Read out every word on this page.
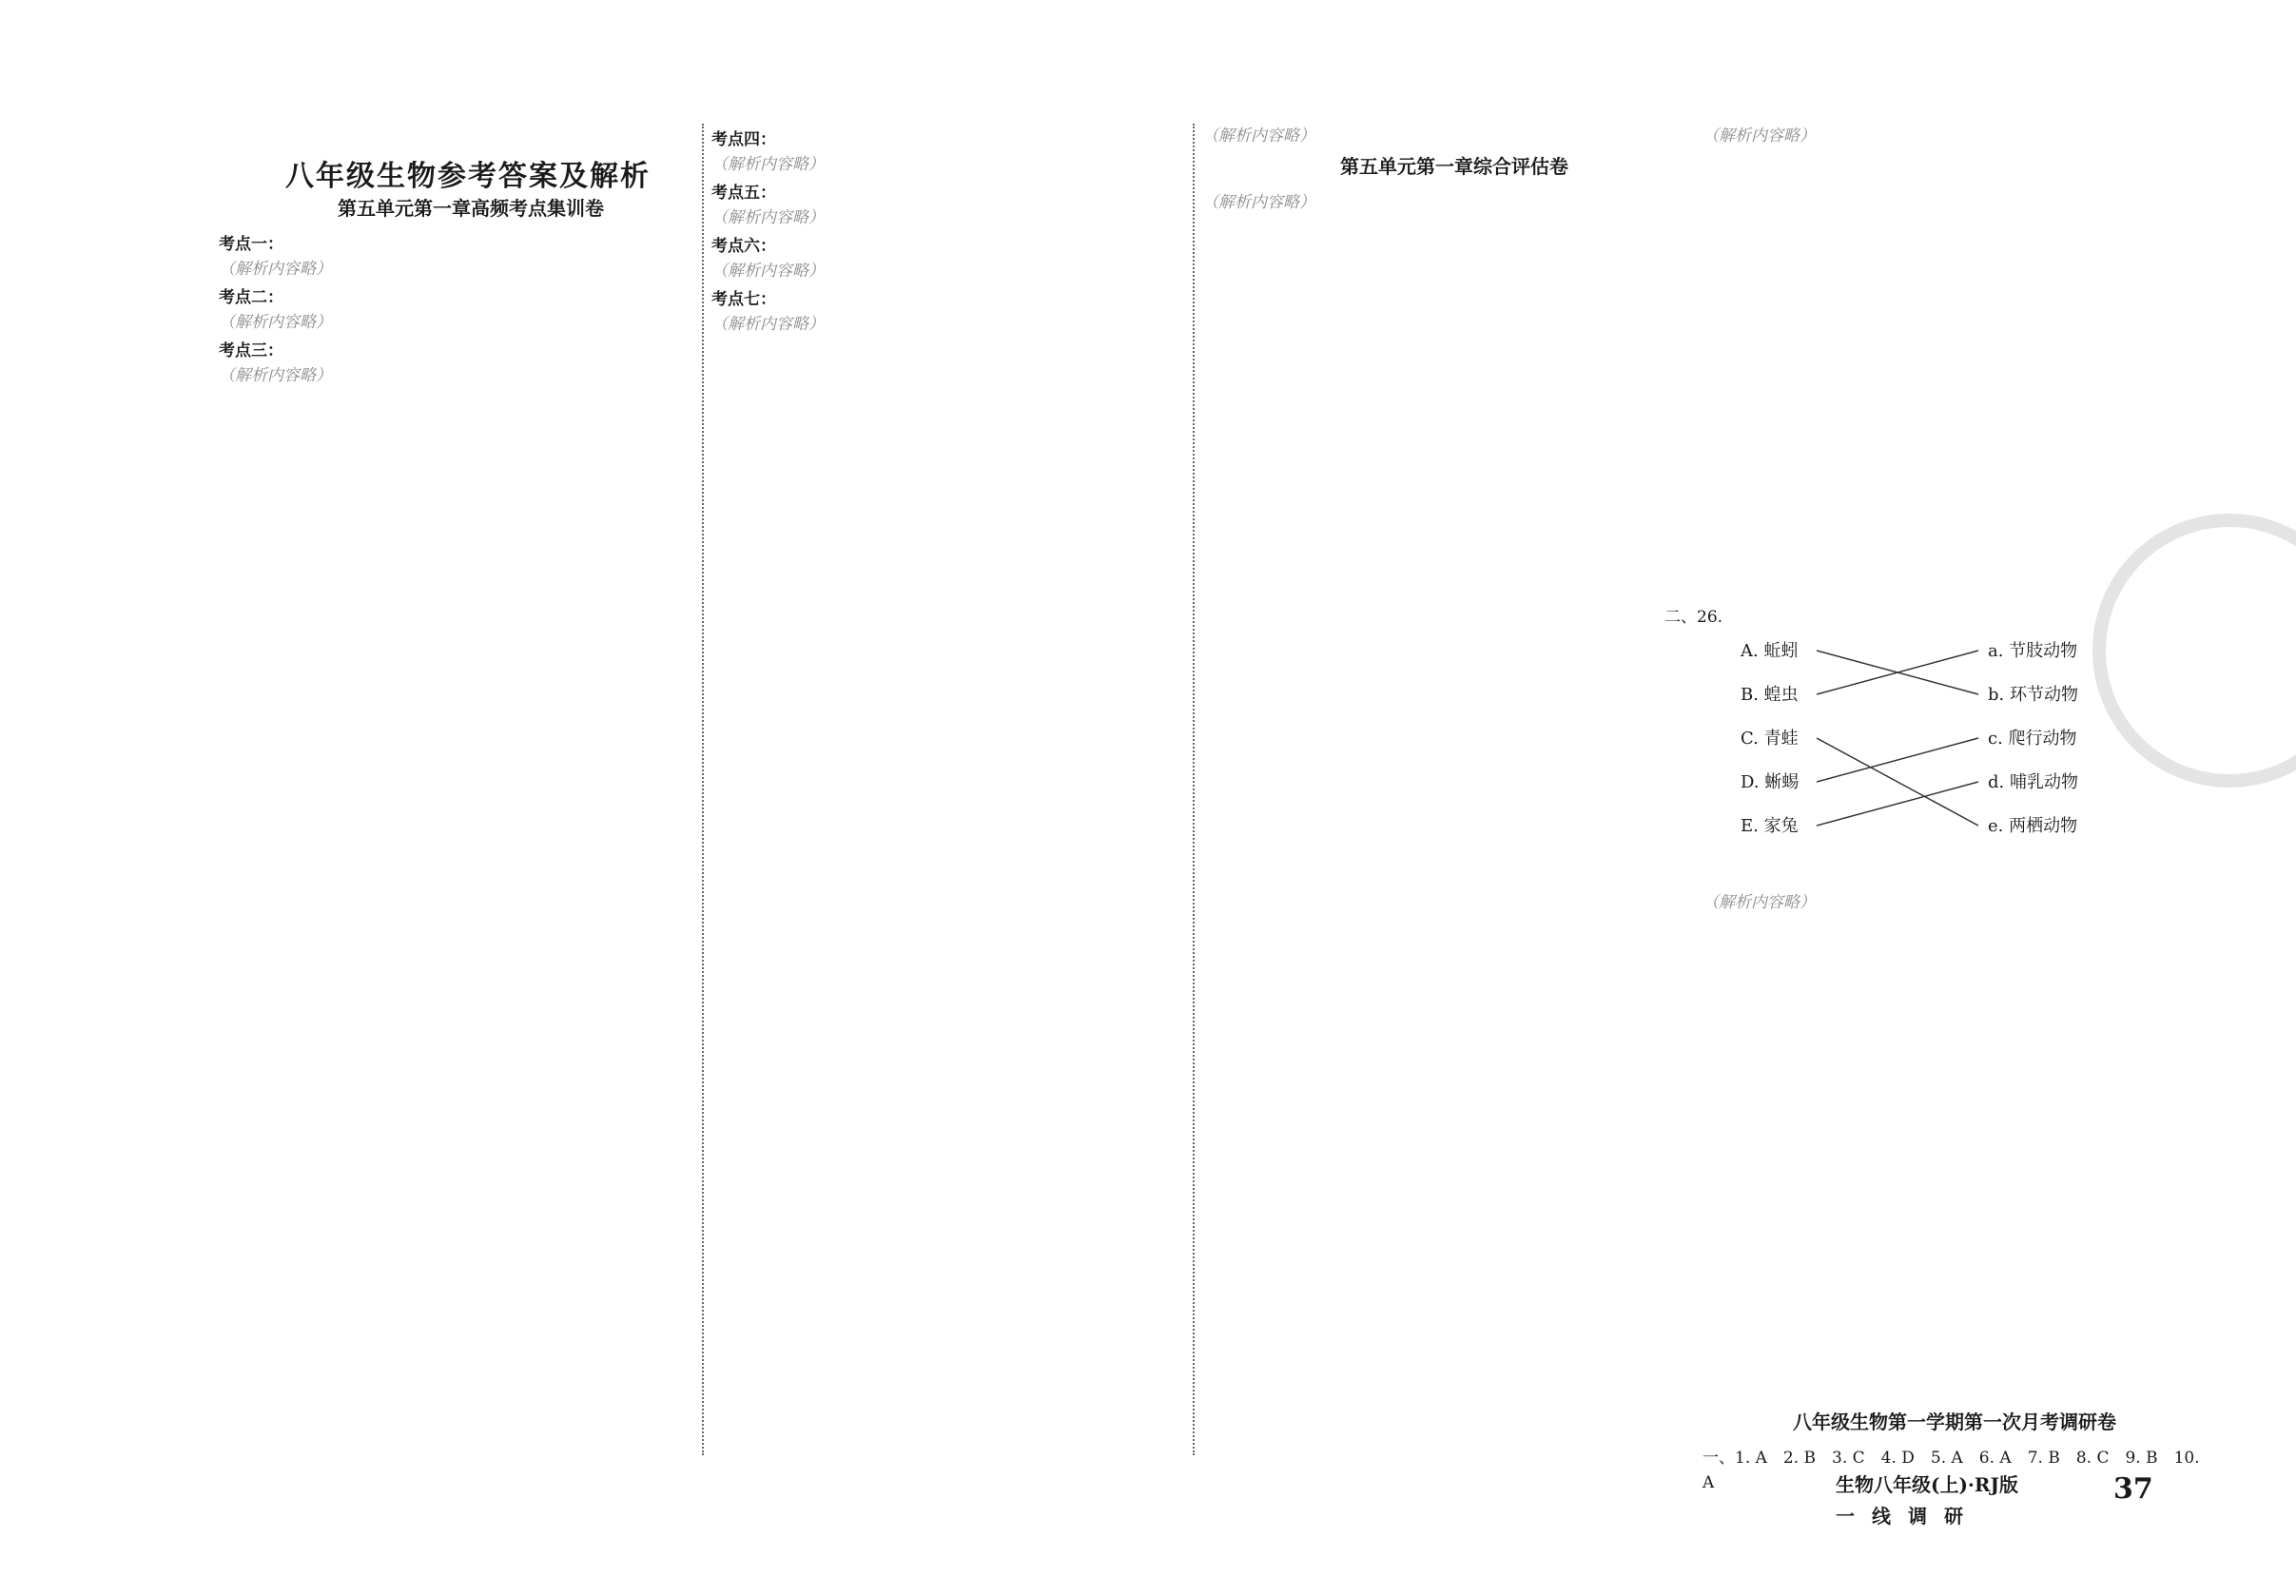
八年级生物参考答案及解析
第五单元第一章高频考点集训卷
考点一：

（解析内容略）

考点二：

（解析内容略）

考点三：

（解析内容略）

考点四：

（解析内容略）

考点五：

（解析内容略）

考点六：

（解析内容略）

考点七：

（解析内容略）

（解析内容略）

第五单元第一章综合评估卷

（解析内容略）

（解析内容略）

二、26.
A. 蚯蚓
B. 蝗虫
C. 青蛙
D. 蜥蜴
E. 家兔
a. 节肢动物
b. 环节动物
c. 爬行动物
d. 哺乳动物
e. 两栖动物

（解析内容略）

八年级生物第一学期第一次月考调研卷
一、1. A　2. B　3. C　4. D　5. A　6. A　7. B　8. C　9. B　10. A	生物八年级(上)·RJ版
一线调研
37
